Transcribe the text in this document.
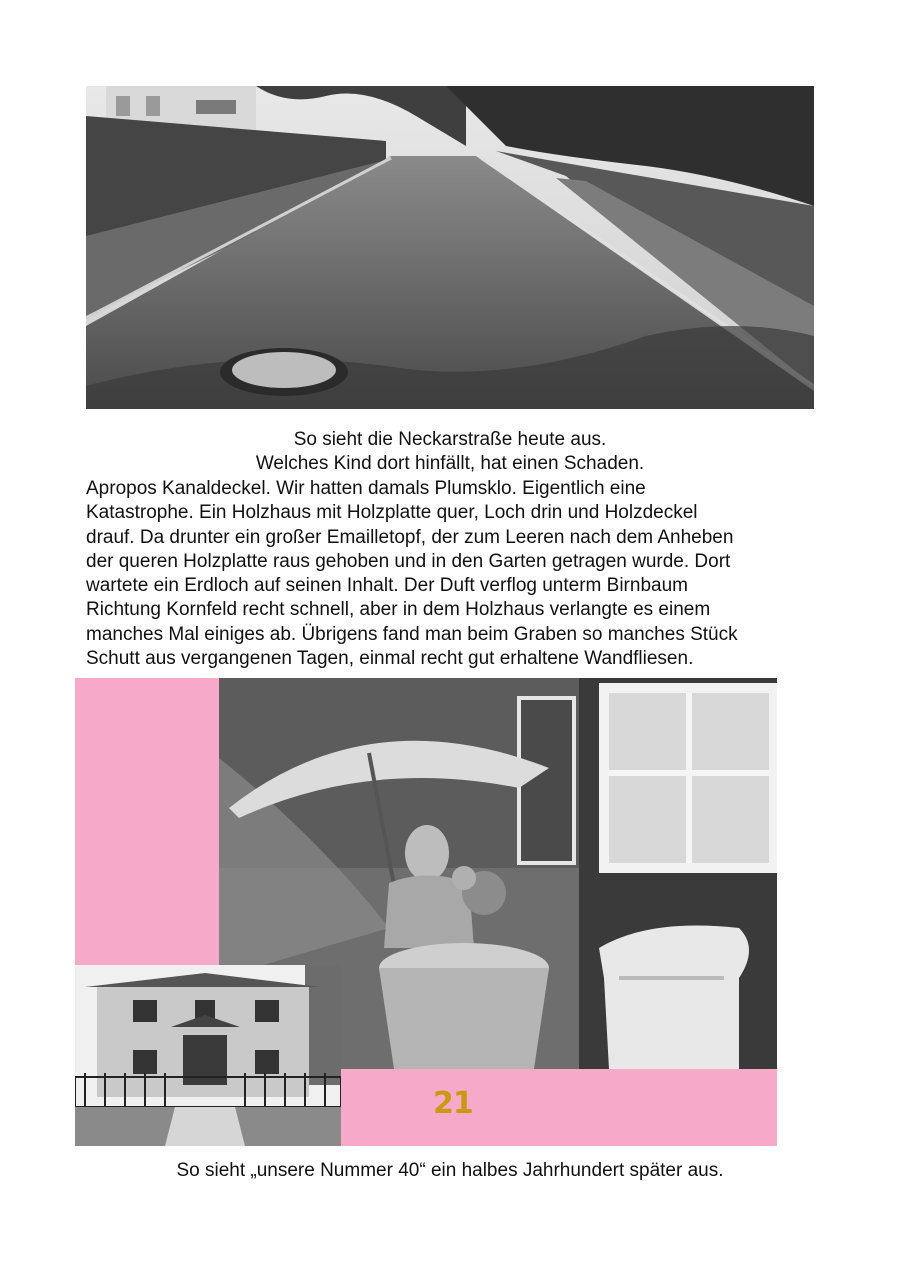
So sieht die Neckarstraße heute aus.

Welches Kind dort hinfällt, hat einen Schaden.

Apropos Kanaldeckel. Wir hatten damals Plumsklo. Eigentlich eine
Katastrophe. Ein Holzhaus mit Holzplatte quer, Loch drin und Holzdeckel
drauf. Da drunter ein großer Emailletopf, der zum Leeren nach dem Anheben
der queren Holzplatte raus gehoben und in den Garten getragen wurde. Dort
wartete ein Erdloch auf seinen Inhalt. Der Duft verflog unterm Birnbaum
Richtung Kornfeld recht schnell, aber in dem Holzhaus verlangte es einem
manches Mal einiges ab. Übrigens fand man beim Graben so manches Stück
Schutt aus vergangenen Tagen, einmal recht gut erhaltene Wandfliesen.
21

So sieht „unsere Nummer 40“ ein halbes Jahrhundert später aus.
